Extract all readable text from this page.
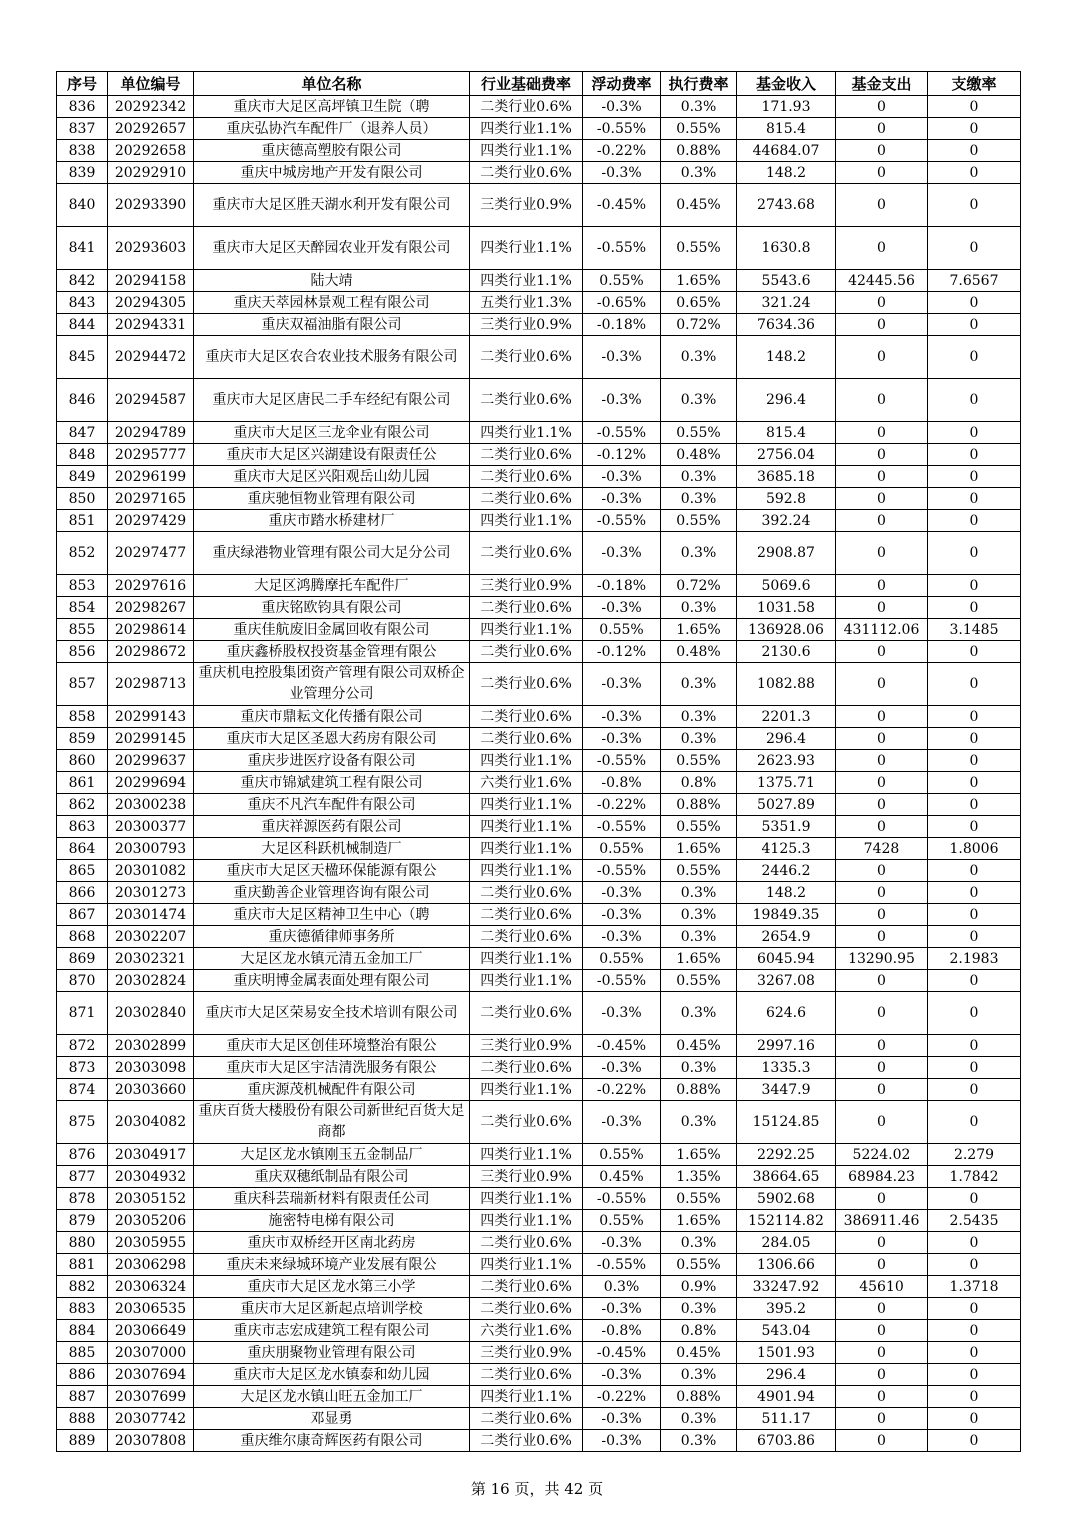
序号	单位编号	单位名称	行业基础费率	浮动费率	执行费率	基金收入	基金支出	支缴率
836	20292342	重庆市大足区高坪镇卫生院（聘	二类行业0.6%	-0.3%	0.3%	171.93	0	0
837	20292657	重庆弘协汽车配件厂（退养人员）	四类行业1.1%	-0.55%	0.55%	815.4	0	0
838	20292658	重庆德高塑胶有限公司	四类行业1.1%	-0.22%	0.88%	44684.07	0	0
839	20292910	重庆中城房地产开发有限公司	二类行业0.6%	-0.3%	0.3%	148.2	0	0
840	20293390	重庆市大足区胜天湖水利开发有限公司	三类行业0.9%	-0.45%	0.45%	2743.68	0	0
841	20293603	重庆市大足区天醉园农业开发有限公司	四类行业1.1%	-0.55%	0.55%	1630.8	0	0
842	20294158	陆大靖	四类行业1.1%	0.55%	1.65%	5543.6	42445.56	7.6567
843	20294305	重庆天萃园林景观工程有限公司	五类行业1.3%	-0.65%	0.65%	321.24	0	0
844	20294331	重庆双福油脂有限公司	三类行业0.9%	-0.18%	0.72%	7634.36	0	0
845	20294472	重庆市大足区农合农业技术服务有限公司	二类行业0.6%	-0.3%	0.3%	148.2	0	0
846	20294587	重庆市大足区唐民二手车经纪有限公司	二类行业0.6%	-0.3%	0.3%	296.4	0	0
847	20294789	重庆市大足区三龙伞业有限公司	四类行业1.1%	-0.55%	0.55%	815.4	0	0
848	20295777	重庆市大足区兴湖建设有限责任公	二类行业0.6%	-0.12%	0.48%	2756.04	0	0
849	20296199	重庆市大足区兴阳观岳山幼儿园	二类行业0.6%	-0.3%	0.3%	3685.18	0	0
850	20297165	重庆驰恒物业管理有限公司	二类行业0.6%	-0.3%	0.3%	592.8	0	0
851	20297429	重庆市踏水桥建材厂	四类行业1.1%	-0.55%	0.55%	392.24	0	0
852	20297477	重庆绿港物业管理有限公司大足分公司	二类行业0.6%	-0.3%	0.3%	2908.87	0	0
853	20297616	大足区鸿腾摩托车配件厂	三类行业0.9%	-0.18%	0.72%	5069.6	0	0
854	20298267	重庆铭欧钧具有限公司	二类行业0.6%	-0.3%	0.3%	1031.58	0	0
855	20298614	重庆佳航废旧金属回收有限公司	四类行业1.1%	0.55%	1.65%	136928.06	431112.06	3.1485
856	20298672	重庆鑫桥股权投资基金管理有限公	二类行业0.6%	-0.12%	0.48%	2130.6	0	0
857	20298713	重庆机电控股集团资产管理有限公司双桥企业管理分公司	二类行业0.6%	-0.3%	0.3%	1082.88	0	0
858	20299143	重庆市鼎耘文化传播有限公司	二类行业0.6%	-0.3%	0.3%	2201.3	0	0
859	20299145	重庆市大足区圣恩大药房有限公司	二类行业0.6%	-0.3%	0.3%	296.4	0	0
860	20299637	重庆步进医疗设备有限公司	四类行业1.1%	-0.55%	0.55%	2623.93	0	0
861	20299694	重庆市锦斌建筑工程有限公司	六类行业1.6%	-0.8%	0.8%	1375.71	0	0
862	20300238	重庆不凡汽车配件有限公司	四类行业1.1%	-0.22%	0.88%	5027.89	0	0
863	20300377	重庆祥源医药有限公司	四类行业1.1%	-0.55%	0.55%	5351.9	0	0
864	20300793	大足区科跃机械制造厂	四类行业1.1%	0.55%	1.65%	4125.3	7428	1.8006
865	20301082	重庆市大足区天楹环保能源有限公	四类行业1.1%	-0.55%	0.55%	2446.2	0	0
866	20301273	重庆勤善企业管理咨询有限公司	二类行业0.6%	-0.3%	0.3%	148.2	0	0
867	20301474	重庆市大足区精神卫生中心（聘	二类行业0.6%	-0.3%	0.3%	19849.35	0	0
868	20302207	重庆德循律师事务所	二类行业0.6%	-0.3%	0.3%	2654.9	0	0
869	20302321	大足区龙水镇元清五金加工厂	四类行业1.1%	0.55%	1.65%	6045.94	13290.95	2.1983
870	20302824	重庆明博金属表面处理有限公司	四类行业1.1%	-0.55%	0.55%	3267.08	0	0
871	20302840	重庆市大足区荣易安全技术培训有限公司	二类行业0.6%	-0.3%	0.3%	624.6	0	0
872	20302899	重庆市大足区创佳环境整治有限公	三类行业0.9%	-0.45%	0.45%	2997.16	0	0
873	20303098	重庆市大足区宇洁清洗服务有限公	二类行业0.6%	-0.3%	0.3%	1335.3	0	0
874	20303660	重庆源茂机械配件有限公司	四类行业1.1%	-0.22%	0.88%	3447.9	0	0
875	20304082	重庆百货大楼股份有限公司新世纪百货大足商都	二类行业0.6%	-0.3%	0.3%	15124.85	0	0
876	20304917	大足区龙水镇刚玉五金制品厂	四类行业1.1%	0.55%	1.65%	2292.25	5224.02	2.279
877	20304932	重庆双穗纸制品有限公司	三类行业0.9%	0.45%	1.35%	38664.65	68984.23	1.7842
878	20305152	重庆科芸瑞新材料有限责任公司	四类行业1.1%	-0.55%	0.55%	5902.68	0	0
879	20305206	施密特电梯有限公司	四类行业1.1%	0.55%	1.65%	152114.82	386911.46	2.5435
880	20305955	重庆市双桥经开区南北药房	二类行业0.6%	-0.3%	0.3%	284.05	0	0
881	20306298	重庆未来绿城环境产业发展有限公	四类行业1.1%	-0.55%	0.55%	1306.66	0	0
882	20306324	重庆市大足区龙水第三小学	二类行业0.6%	0.3%	0.9%	33247.92	45610	1.3718
883	20306535	重庆市大足区新起点培训学校	二类行业0.6%	-0.3%	0.3%	395.2	0	0
884	20306649	重庆市志宏成建筑工程有限公司	六类行业1.6%	-0.8%	0.8%	543.04	0	0
885	20307000	重庆朋聚物业管理有限公司	三类行业0.9%	-0.45%	0.45%	1501.93	0	0
886	20307694	重庆市大足区龙水镇泰和幼儿园	二类行业0.6%	-0.3%	0.3%	296.4	0	0
887	20307699	大足区龙水镇山旺五金加工厂	四类行业1.1%	-0.22%	0.88%	4901.94	0	0
888	20307742	邓显勇	二类行业0.6%	-0.3%	0.3%	511.17	0	0
889	20307808	重庆维尔康奇辉医药有限公司	二类行业0.6%	-0.3%	0.3%	6703.86	0	0
第 16 页，共 42 页
